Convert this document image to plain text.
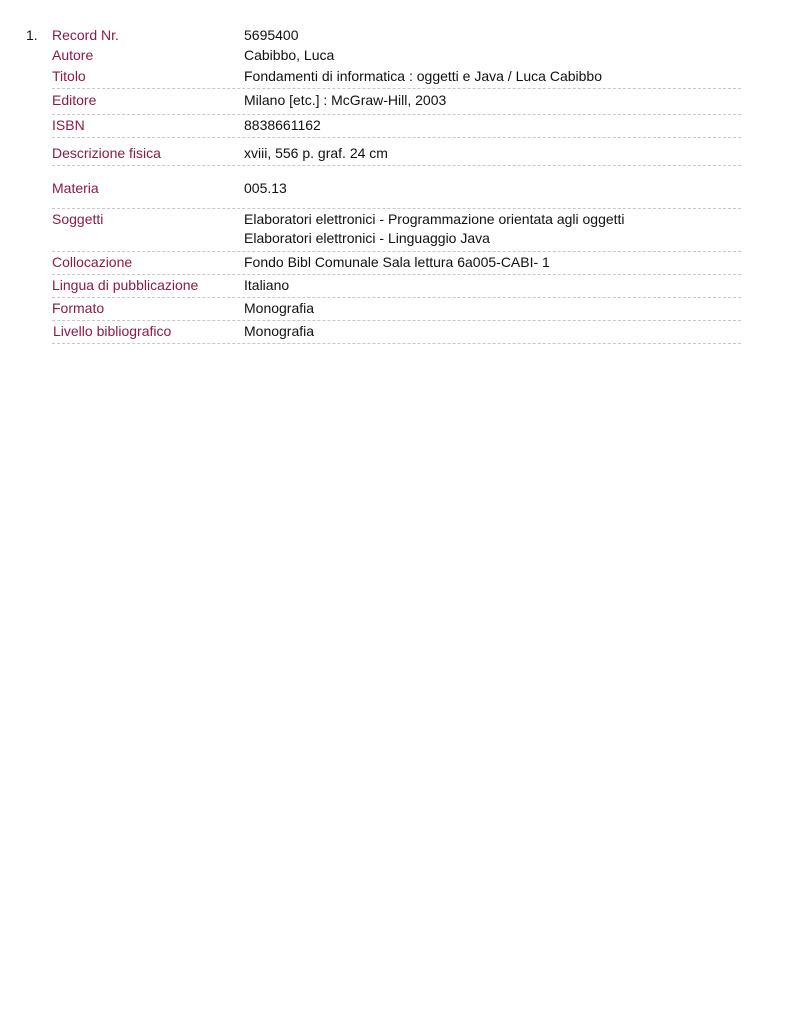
1. Record Nr.	5695400
Autore	Cabibbo, Luca
Titolo	Fondamenti di informatica : oggetti e Java / Luca Cabibbo
Editore	Milano [etc.] : McGraw-Hill, 2003
ISBN	8838661162
Descrizione fisica	xviii, 556 p. graf. 24 cm
Materia	005.13
Soggetti	Elaboratori elettronici - Programmazione orientata agli oggetti
Elaboratori elettronici - Linguaggio Java
Collocazione	Fondo Bibl Comunale Sala lettura 6a005-CABI- 1
Lingua di pubblicazione	Italiano
Formato	Monografia
Livello bibliografico	Monografia
